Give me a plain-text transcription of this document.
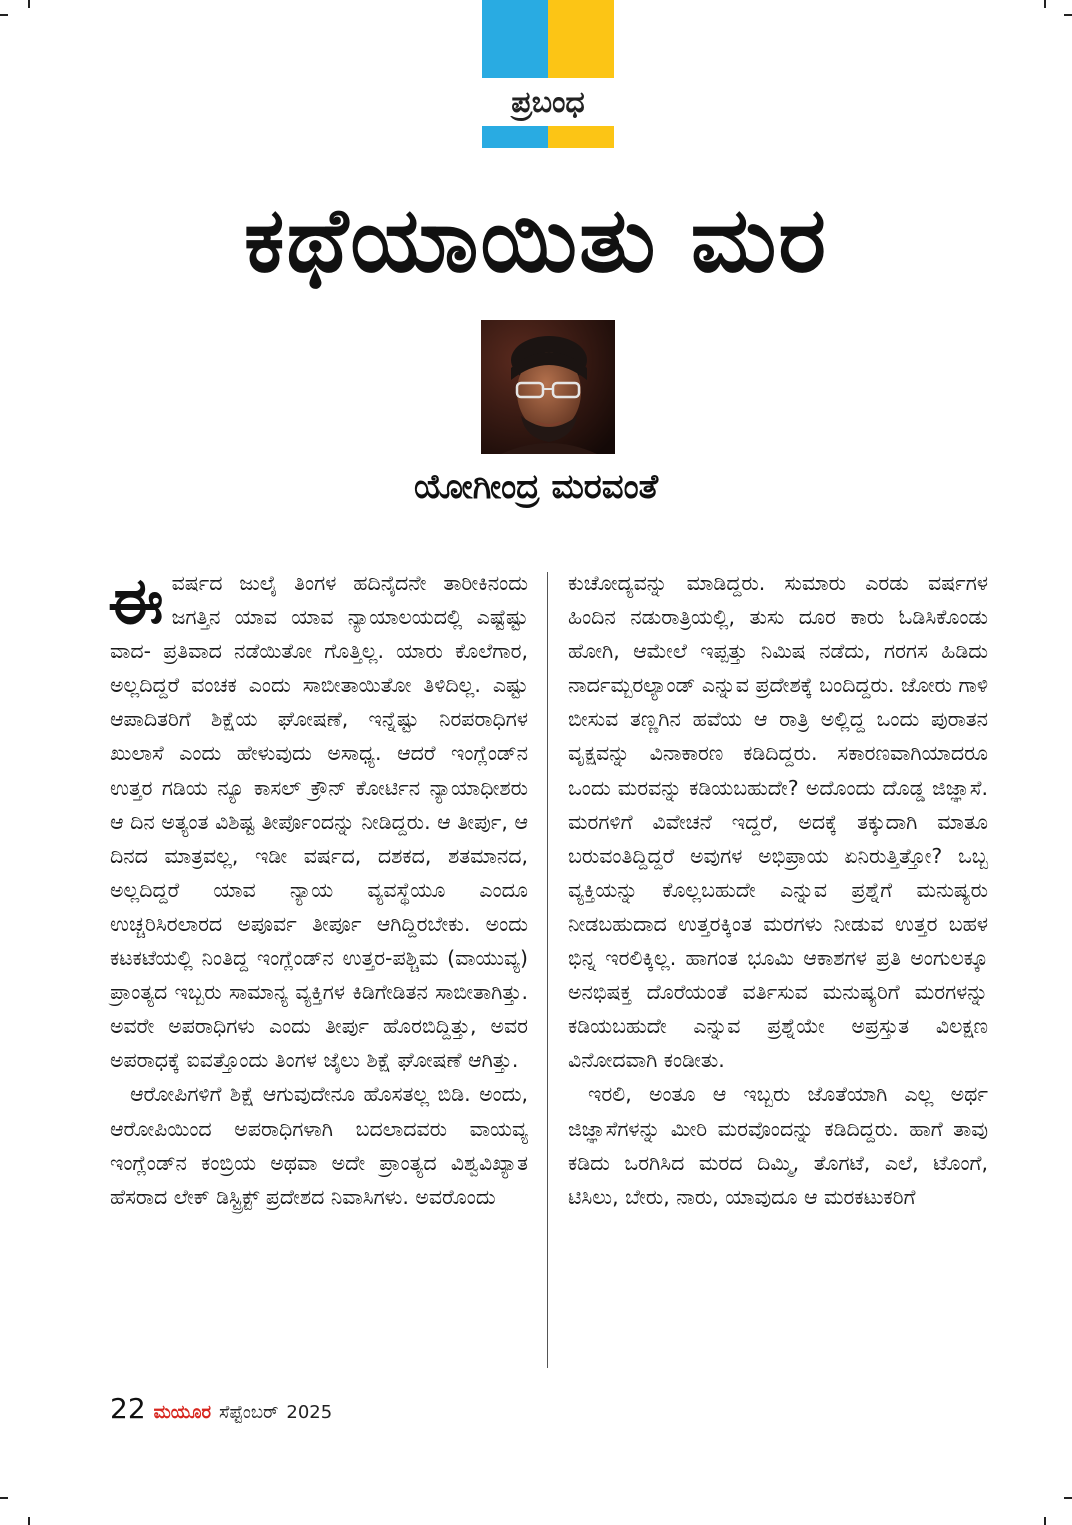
ಪ್ರಬಂಧ
ಕಥೆಯಾಯಿತು ಮರ
ಯೋಗೀಂದ್ರ ಮರವಂತೆ

ಈವರ್ಷದ ಜುಲೈ ತಿಂಗಳ ಹದಿನೈದನೇ ತಾರೀಕಿನಂದು ಜಗತ್ತಿನ ಯಾವ ಯಾವ ನ್ಯಾಯಾಲಯದಲ್ಲಿ ಎಷ್ಟೆಷ್ಟು ವಾದ- ಪ್ರತಿವಾದ ನಡೆಯಿತೋ ಗೊತ್ತಿಲ್ಲ. ಯಾರು ಕೊಲೆಗಾರ, ಅಲ್ಲದಿದ್ದರೆ ವಂಚಕ ಎಂದು ಸಾಬೀತಾಯಿತೋ ತಿಳಿದಿಲ್ಲ. ಎಷ್ಟು ಆಪಾದಿತರಿಗೆ ಶಿಕ್ಷೆಯ ಘೋಷಣೆ, ಇನ್ನೆಷ್ಟು ನಿರಪರಾಧಿಗಳ ಖುಲಾಸೆ ಎಂದು ಹೇಳುವುದು ಅಸಾಧ್ಯ. ಆದರೆ ಇಂಗ್ಲೆಂಡ್‌ನ ಉತ್ತರ ಗಡಿಯ ನ್ಯೂ ಕಾಸಲ್ ಕ್ರೌನ್ ಕೋರ್ಟಿನ ನ್ಯಾಯಾಧೀಶರು ಆ ದಿನ ಅತ್ಯಂತ ವಿಶಿಷ್ಟ ತೀರ್ಪೊಂದನ್ನು ನೀಡಿದ್ದರು. ಆ ತೀರ್ಪು, ಆ ದಿನದ ಮಾತ್ರವಲ್ಲ, ಇಡೀ ವರ್ಷದ, ದಶಕದ, ಶತಮಾನದ, ಅಲ್ಲದಿದ್ದರೆ ಯಾವ ನ್ಯಾಯ ವ್ಯವಸ್ಥೆಯೂ ಎಂದೂ ಉಚ್ಚರಿಸಿರಲಾರದ ಅಪೂರ್ವ ತೀರ್ಪೂ ಆಗಿದ್ದಿರಬೇಕು. ಅಂದು ಕಟಕಟೆಯಲ್ಲಿ ನಿಂತಿದ್ದ ಇಂಗ್ಲೆಂಡ್‌ನ ಉತ್ತರ-ಪಶ್ಚಿಮ (ವಾಯುವ್ಯ) ಪ್ರಾಂತ್ಯದ ಇಬ್ಬರು ಸಾಮಾನ್ಯ ವ್ಯಕ್ತಿಗಳ ಕಿಡಿಗೇಡಿತನ ಸಾಬೀತಾಗಿತ್ತು. ಅವರೇ ಅಪರಾಧಿಗಳು ಎಂದು ತೀರ್ಪು ಹೊರಬಿದ್ದಿತ್ತು, ಅವರ ಅಪರಾಧಕ್ಕೆ ಐವತ್ತೊಂದು ತಿಂಗಳ ಜೈಲು ಶಿಕ್ಷೆ ಘೋಷಣೆ ಆಗಿತ್ತು.

ಆರೋಪಿಗಳಿಗೆ ಶಿಕ್ಷೆ ಆಗುವುದೇನೂ ಹೊಸತಲ್ಲ ಬಿಡಿ. ಅಂದು, ಆರೋಪಿಯಿಂದ ಅಪರಾಧಿಗಳಾಗಿ ಬದಲಾದವರು ವಾಯವ್ಯ ಇಂಗ್ಲೆಂಡ್‌ನ ಕಂಬ್ರಿಯ ಅಥವಾ ಅದೇ ಪ್ರಾಂತ್ಯದ ವಿಶ್ವವಿಖ್ಯಾತ ಹೆಸರಾದ ಲೇಕ್ ಡಿಸ್ಟ್ರಿಕ್ಟ್ ಪ್ರದೇಶದ ನಿವಾಸಿಗಳು. ಅವರೊಂದು

ಕುಚೋದ್ಯವನ್ನು ಮಾಡಿದ್ದರು. ಸುಮಾರು ಎರಡು ವರ್ಷಗಳ ಹಿಂದಿನ ನಡುರಾತ್ರಿಯಲ್ಲಿ, ತುಸು ದೂರ ಕಾರು ಓಡಿಸಿಕೊಂಡು ಹೋಗಿ, ಆಮೇಲೆ ಇಪ್ಪತ್ತು ನಿಮಿಷ ನಡೆದು, ಗರಗಸ ಹಿಡಿದು ನಾರ್ದಮ್ಬರಲ್ಯಾಂಡ್ ಎನ್ನುವ ಪ್ರದೇಶಕ್ಕೆ ಬಂದಿದ್ದರು. ಜೋರು ಗಾಳಿ ಬೀಸುವ ತಣ್ಣಗಿನ ಹವೆಯ ಆ ರಾತ್ರಿ ಅಲ್ಲಿದ್ದ ಒಂದು ಪುರಾತನ ವೃಕ್ಷವನ್ನು ವಿನಾಕಾರಣ ಕಡಿದಿದ್ದರು. ಸಕಾರಣವಾಗಿಯಾದರೂ ಒಂದು ಮರವನ್ನು ಕಡಿಯಬಹುದೇ? ಅದೊಂದು ದೊಡ್ಡ ಜಿಜ್ಞಾಸೆ. ಮರಗಳಿಗೆ ವಿವೇಚನೆ ಇದ್ದರೆ, ಅದಕ್ಕೆ ತಕ್ಕುದಾಗಿ ಮಾತೂ ಬರುವಂತಿದ್ದಿದ್ದರೆ ಅವುಗಳ ಅಭಿಪ್ರಾಯ ಏನಿರುತ್ತಿತ್ತೋ? ಒಬ್ಬ ವ್ಯಕ್ತಿಯನ್ನು ಕೊಲ್ಲಬಹುದೇ ಎನ್ನುವ ಪ್ರಶ್ನೆಗೆ ಮನುಷ್ಯರು ನೀಡಬಹುದಾದ ಉತ್ತರಕ್ಕಿಂತ ಮರಗಳು ನೀಡುವ ಉತ್ತರ ಬಹಳ ಭಿನ್ನ ಇರಲಿಕ್ಕಿಲ್ಲ. ಹಾಗಂತ ಭೂಮಿ ಆಕಾಶಗಳ ಪ್ರತಿ ಅಂಗುಲಕ್ಕೂ ಅನಭಿಷಕ್ತ ದೊರೆಯಂತೆ ವರ್ತಿಸುವ ಮನುಷ್ಯರಿಗೆ ಮರಗಳನ್ನು ಕಡಿಯಬಹುದೇ ಎನ್ನುವ ಪ್ರಶ್ನೆಯೇ ಅಪ್ರಸ್ತುತ ವಿಲಕ್ಷಣ ವಿನೋದವಾಗಿ ಕಂಡೀತು.

ಇರಲಿ, ಅಂತೂ ಆ ಇಬ್ಬರು ಜೊತೆಯಾಗಿ ಎಲ್ಲ ಅರ್ಥ ಜಿಜ್ಞಾಸೆಗಳನ್ನು ಮೀರಿ ಮರವೊಂದನ್ನು ಕಡಿದಿದ್ದರು. ಹಾಗೆ ತಾವು ಕಡಿದು ಒರಗಿಸಿದ ಮರದ ದಿಮ್ಮಿ, ತೊಗಟೆ, ಎಲೆ, ಟೊಂಗೆ, ಟಿಸಿಲು, ಬೇರು, ನಾರು, ಯಾವುದೂ ಆ ಮರಕಟುಕರಿಗೆ

22 ಮಯೂರ ಸೆಪ್ಟೆಂಬರ್ 2025
